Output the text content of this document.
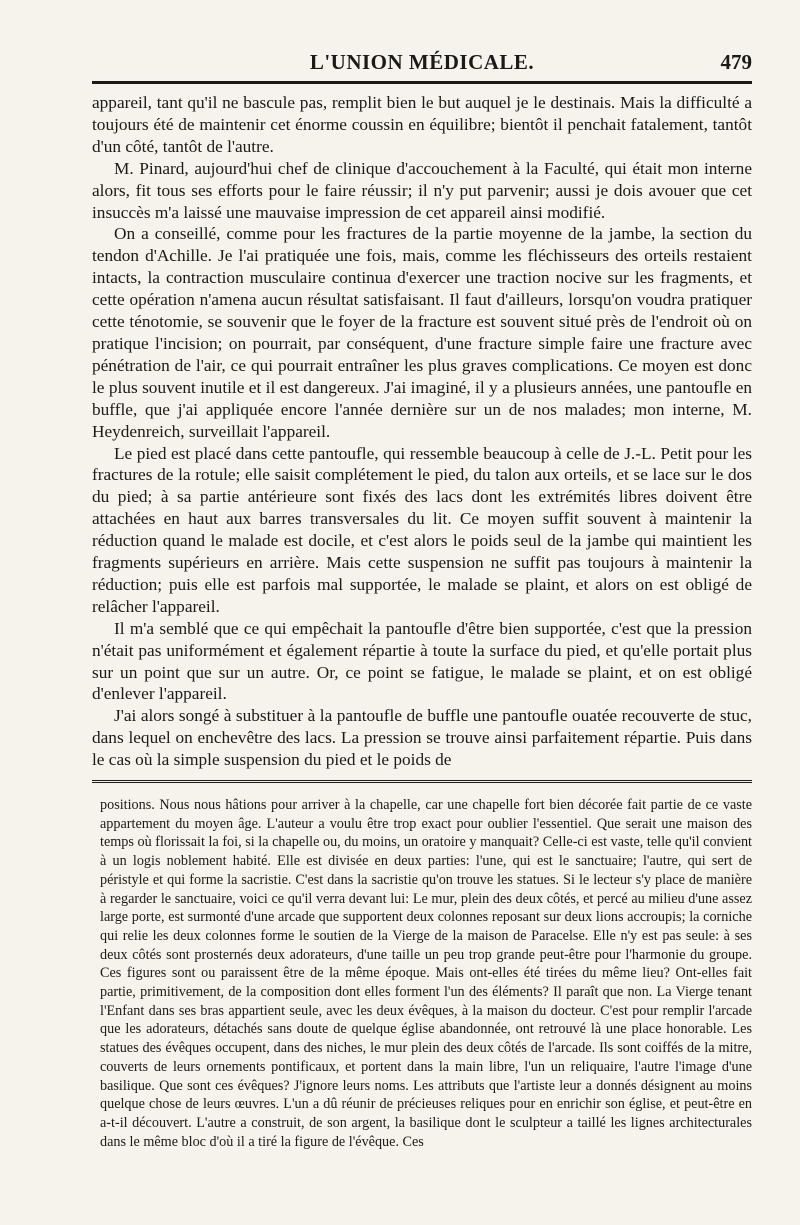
L'UNION MÉDICALE.	479

appareil, tant qu'il ne bascule pas, remplit bien le but auquel je le destinais. Mais la difficulté a toujours été de maintenir cet énorme coussin en équilibre; bientôt il penchait fatalement, tantôt d'un côté, tantôt de l'autre.

M. Pinard, aujourd'hui chef de clinique d'accouchement à la Faculté, qui était mon interne alors, fit tous ses efforts pour le faire réussir; il n'y put parvenir; aussi je dois avouer que cet insuccès m'a laissé une mauvaise impression de cet appareil ainsi modifié.

On a conseillé, comme pour les fractures de la partie moyenne de la jambe, la section du tendon d'Achille. Je l'ai pratiquée une fois, mais, comme les fléchisseurs des orteils restaient intacts, la contraction musculaire continua d'exercer une traction nocive sur les fragments, et cette opération n'amena aucun résultat satisfaisant. Il faut d'ailleurs, lorsqu'on voudra pratiquer cette ténotomie, se souvenir que le foyer de la fracture est souvent situé près de l'endroit où on pratique l'incision; on pourrait, par conséquent, d'une fracture simple faire une fracture avec pénétration de l'air, ce qui pourrait entraîner les plus graves complications. Ce moyen est donc le plus souvent inutile et il est dangereux. J'ai imaginé, il y a plusieurs années, une pantoufle en buffle, que j'ai appliquée encore l'année dernière sur un de nos malades; mon interne, M. Heydenreich, surveillait l'appareil.

Le pied est placé dans cette pantoufle, qui ressemble beaucoup à celle de J.-L. Petit pour les fractures de la rotule; elle saisit complétement le pied, du talon aux orteils, et se lace sur le dos du pied; à sa partie antérieure sont fixés des lacs dont les extrémités libres doivent être attachées en haut aux barres transversales du lit. Ce moyen suffit souvent à maintenir la réduction quand le malade est docile, et c'est alors le poids seul de la jambe qui maintient les fragments supérieurs en arrière. Mais cette suspension ne suffit pas toujours à maintenir la réduction; puis elle est parfois mal supportée, le malade se plaint, et alors on est obligé de relâcher l'appareil.

Il m'a semblé que ce qui empêchait la pantoufle d'être bien supportée, c'est que la pression n'était pas uniformément et également répartie à toute la surface du pied, et qu'elle portait plus sur un point que sur un autre. Or, ce point se fatigue, le malade se plaint, et on est obligé d'enlever l'appareil.

J'ai alors songé à substituer à la pantoufle de buffle une pantoufle ouatée recouverte de stuc, dans lequel on enchevêtre des lacs. La pression se trouve ainsi parfaitement répartie. Puis dans le cas où la simple suspension du pied et le poids de

positions. Nous nous hâtions pour arriver à la chapelle, car une chapelle fort bien décorée fait partie de ce vaste appartement du moyen âge. L'auteur a voulu être trop exact pour oublier l'essentiel. Que serait une maison des temps où florissait la foi, si la chapelle ou, du moins, un oratoire y manquait? Celle-ci est vaste, telle qu'il convient à un logis noblement habité. Elle est divisée en deux parties: l'une, qui est le sanctuaire; l'autre, qui sert de péristyle et qui forme la sacristie. C'est dans la sacristie qu'on trouve les statues. Si le lecteur s'y place de manière à regarder le sanctuaire, voici ce qu'il verra devant lui: Le mur, plein des deux côtés, et percé au milieu d'une assez large porte, est surmonté d'une arcade que supportent deux colonnes reposant sur deux lions accroupis; la corniche qui relie les deux colonnes forme le soutien de la Vierge de la maison de Paracelse. Elle n'y est pas seule: à ses deux côtés sont prosternés deux adorateurs, d'une taille un peu trop grande peut-être pour l'harmonie du groupe. Ces figures sont ou paraissent être de la même époque. Mais ont-elles été tirées du même lieu? Ont-elles fait partie, primitivement, de la composition dont elles forment l'un des éléments? Il paraît que non. La Vierge tenant l'Enfant dans ses bras appartient seule, avec les deux évêques, à la maison du docteur. C'est pour remplir l'arcade que les adorateurs, détachés sans doute de quelque église abandonnée, ont retrouvé là une place honorable. Les statues des évêques occupent, dans des niches, le mur plein des deux côtés de l'arcade. Ils sont coiffés de la mitre, couverts de leurs ornements pontificaux, et portent dans la main libre, l'un un reliquaire, l'autre l'image d'une basilique. Que sont ces évêques? J'ignore leurs noms. Les attributs que l'artiste leur a donnés désignent au moins quelque chose de leurs œuvres. L'un a dû réunir de précieuses reliques pour en enrichir son église, et peut-être en a-t-il découvert. L'autre a construit, de son argent, la basilique dont le sculpteur a taillé les lignes architecturales dans le même bloc d'où il a tiré la figure de l'évêque. Ces
